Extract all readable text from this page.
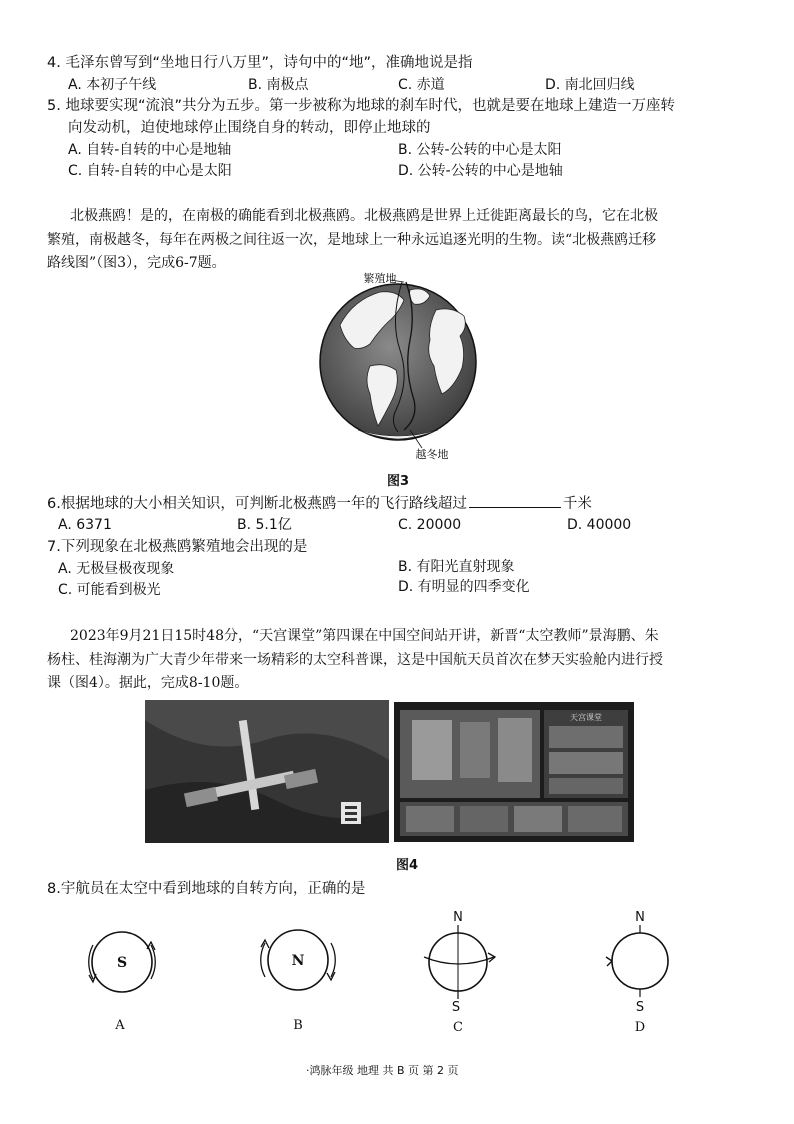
4. 毛泽东曾写到“坐地日行八万里”，诗句中的“地”，准确地说是指
A. 本初子午线	B. 南极点	C. 赤道	D. 南北回归线
5. 地球要实现“流浪”共分为五步。第一步被称为地球的刹车时代，也就是要在地球上建造一万座转
向发动机，迫使地球停止围绕自身的转动，即停止地球的
A. 自转-自转的中心是地轴	B. 公转-公转的中心是太阳
C. 自转-自转的中心是太阳	D. 公转-公转的中心是地轴
北极燕鸥！是的，在南极的确能看到北极燕鸥。北极燕鸥是世界上迁徙距离最长的鸟，它在北极
繁殖，南极越冬，每年在两极之间往返一次，是地球上一种永远追逐光明的生物。读“北极燕鸥迁移
路线图”（图3），完成6-7题。
繁殖地
越冬地
图3
6.根据地球的大小相关知识，可判断北极燕鸥一年的飞行路线超过	千米
A. 6371	B. 5.1亿	C. 20000	D. 40000
7.下列现象在北极燕鸥繁殖地会出现的是
A. 无极昼极夜现象	B. 有阳光直射现象
C. 可能看到极光	D. 有明显的四季变化
2023年9月21日15时48分，“天宫课堂”第四课在中国空间站开讲，新晋“太空教师”景海鹏、朱
杨柱、桂海潮为广大青少年带来一场精彩的太空科普课，这是中国航天员首次在梦天实验舱内进行授
课（图4）。据此，完成8-10题。
天宫课堂
图4
8.宇航员在太空中看到地球的自转方向，正确的是
S
A
N
B
N
S
C
N
S
D
·鸿脉年级 地理 共 B 页 第 2 页
